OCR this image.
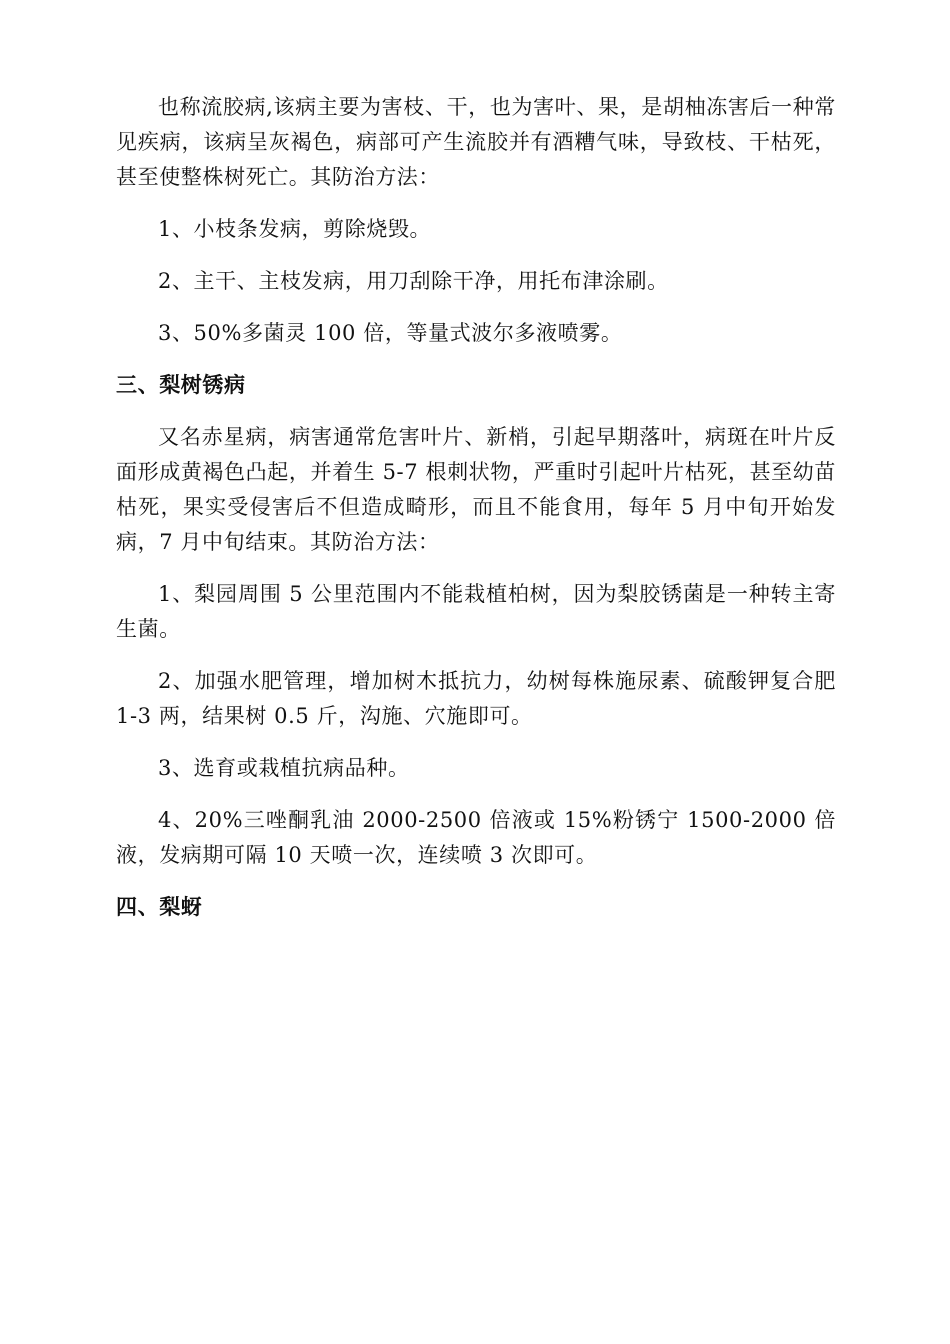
也称流胶病,该病主要为害枝、干，也为害叶、果，是胡柚冻害后一种常见疾病，该病呈灰褐色，病部可产生流胶并有酒糟气味，导致枝、干枯死，甚至使整株树死亡。其防治方法：

1、小枝条发病，剪除烧毁。

2、主干、主枝发病，用刀刮除干净，用托布津涂刷。

3、50%多菌灵 100 倍，等量式波尔多液喷雾。

三、梨树锈病

又名赤星病，病害通常危害叶片、新梢，引起早期落叶，病斑在叶片反面形成黄褐色凸起，并着生 5-7 根刺状物，严重时引起叶片枯死，甚至幼苗枯死，果实受侵害后不但造成畸形，而且不能食用，每年 5 月中旬开始发病，7 月中旬结束。其防治方法：

1、梨园周围 5 公里范围内不能栽植柏树，因为梨胶锈菌是一种转主寄生菌。

2、加强水肥管理，增加树木抵抗力，幼树每株施尿素、硫酸钾复合肥 1-3 两，结果树 0.5 斤，沟施、穴施即可。

3、选育或栽植抗病品种。

4、20%三唑酮乳油 2000-2500 倍液或 15%粉锈宁 1500-2000 倍液，发病期可隔 10 天喷一次，连续喷 3 次即可。

四、梨蚜
